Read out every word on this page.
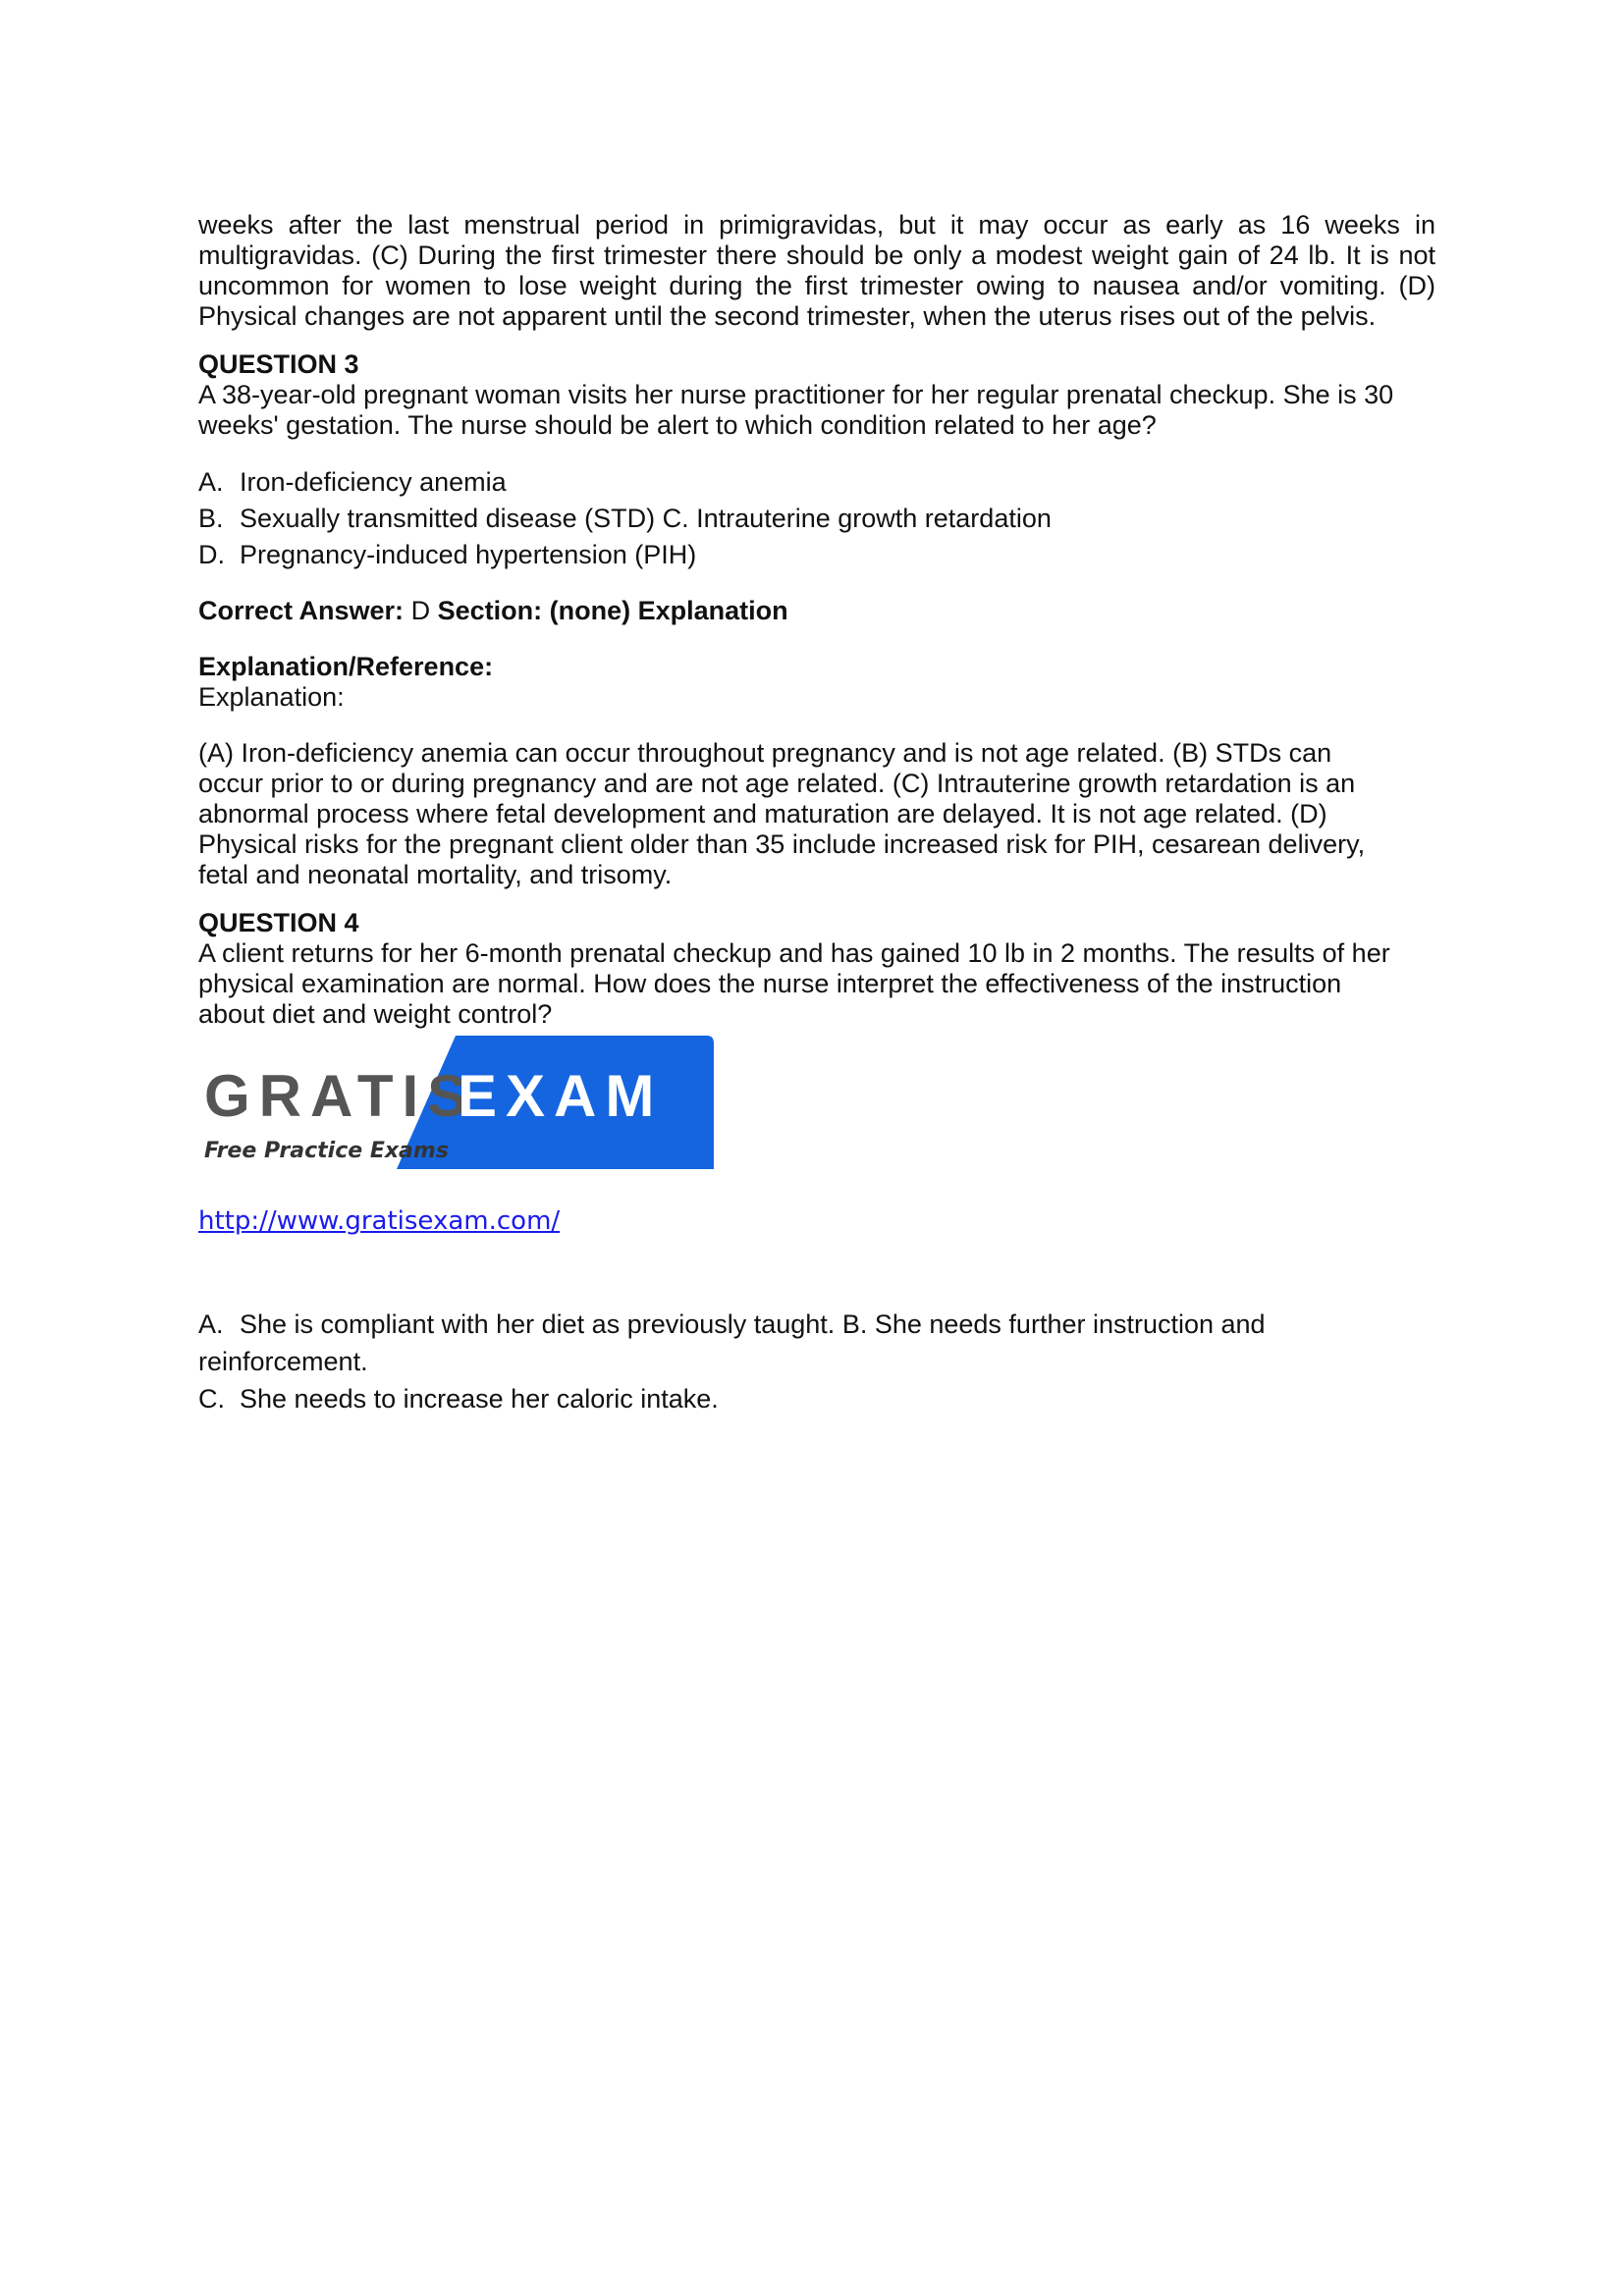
weeks after the last menstrual period in primigravidas, but it may occur as early as 16 weeks in multigravidas. (C) During the first trimester there should be only a modest weight gain of 24 lb. It is not uncommon for women to lose weight during the first trimester owing to nausea and/or vomiting. (D) Physical changes are not apparent until the second trimester, when the uterus rises out of the pelvis.

QUESTION 3

A 38-year-old pregnant woman visits her nurse practitioner for her regular prenatal checkup. She is 30

weeks' gestation. The nurse should be alert to which condition related to her age?

A. Iron-deficiency anemia

B. Sexually transmitted disease (STD) C. Intrauterine growth retardation

D. Pregnancy-induced hypertension (PIH)

Correct Answer: D Section: (none) Explanation

Explanation/Reference:

Explanation:

(A) Iron-deficiency anemia can occur throughout pregnancy and is not age related. (B) STDs can

occur prior to or during pregnancy and are not age related. (C) Intrauterine growth retardation is an

abnormal process where fetal development and maturation are delayed. It is not age related. (D)

Physical risks for the pregnant client older than 35 include increased risk for PIH, cesarean delivery,

fetal and neonatal mortality, and trisomy.

QUESTION 4

A client returns for her 6-month prenatal checkup and has gained 10 lb in 2 months. The results of her

physical examination are normal. How does the nurse interpret the effectiveness of the instruction

about diet and weight control?

GRATIS
EXAM
Free Practice Exams
http://www.gratisexam.com/

A. She is compliant with her diet as previously taught. B. She needs further instruction and

reinforcement.

C. She needs to increase her caloric intake.
